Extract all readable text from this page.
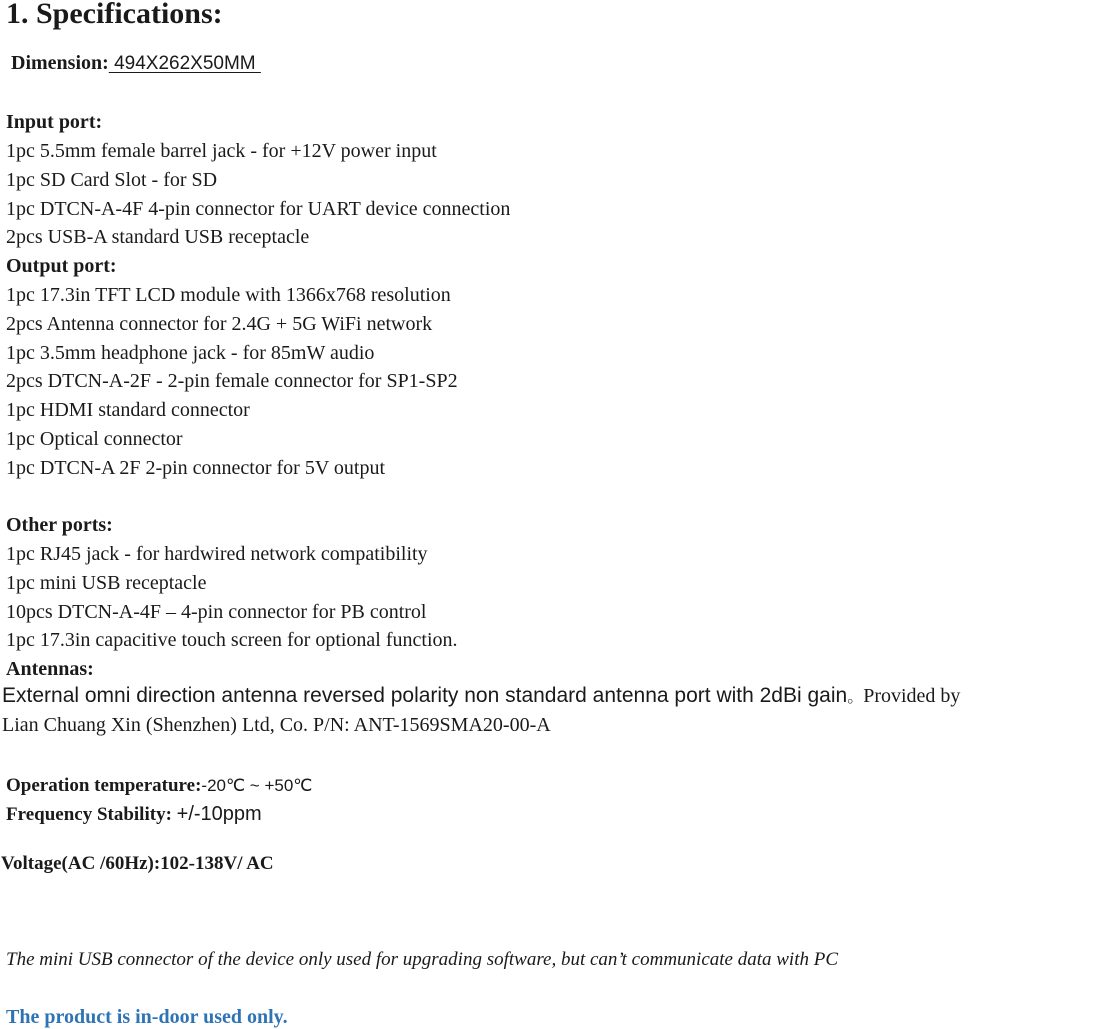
1. Specifications:
Dimension: 494X262X50MM
Input port:
1pc 5.5mm female barrel jack - for +12V power input
1pc SD Card Slot - for SD
1pc DTCN-A-4F 4-pin connector for UART device connection
2pcs USB-A standard USB receptacle
Output port:
1pc 17.3in TFT LCD module with 1366x768 resolution
2pcs Antenna connector for 2.4G + 5G WiFi network
1pc 3.5mm headphone jack - for 85mW audio
2pcs DTCN-A-2F - 2-pin female connector for SP1-SP2
1pc HDMI standard connector
1pc Optical connector
1pc DTCN-A 2F 2-pin connector for 5V output
Other ports:
1pc RJ45 jack - for hardwired network compatibility
1pc mini USB receptacle
10pcs DTCN-A-4F – 4-pin connector for PB control
1pc 17.3in capacitive touch screen for optional function.
Antennas:
External omni direction antenna reversed polarity non standard antenna port with 2dBi gain。Provided by
Lian Chuang Xin (Shenzhen) Ltd, Co. P/N: ANT-1569SMA20-00-A
Operation temperature:-20℃ ~ +50℃
Frequency Stability: +/-10ppm
Voltage(AC /60Hz):102-138V/ AC
The mini USB connector of the device only used for upgrading software, but can’t communicate data with PC
The product is in-door used only.
